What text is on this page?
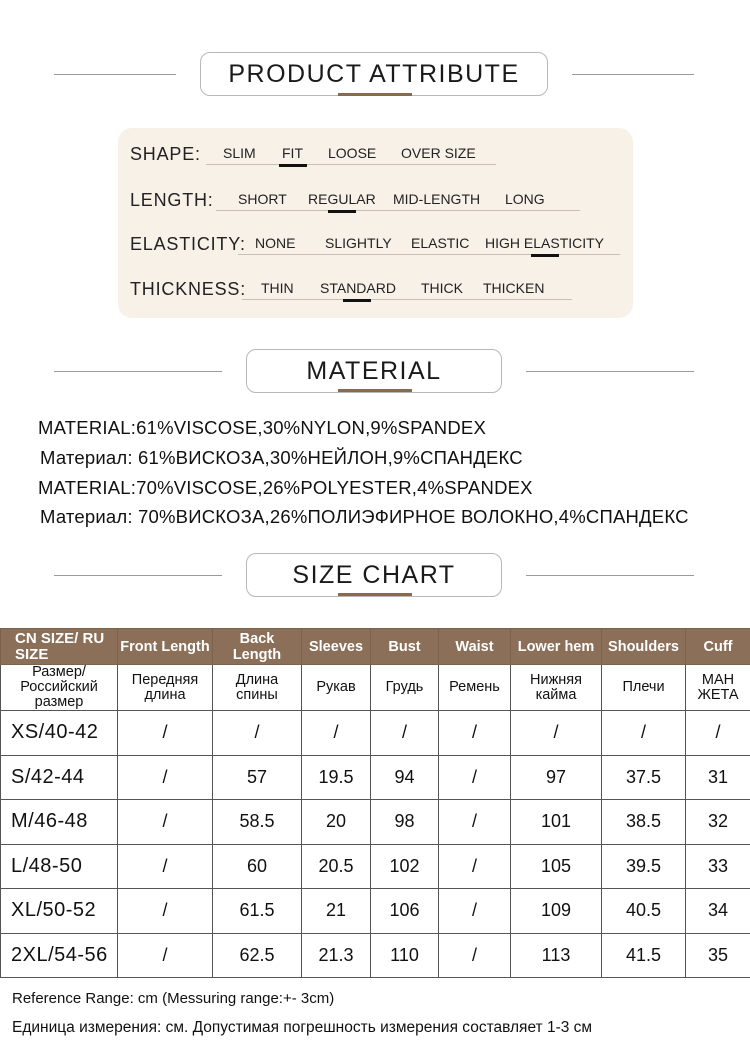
PRODUCT ATTRIBUTE
SHAPE: SLIM FIT LOOSE OVER SIZE
LENGTH: SHORT REGULAR MID-LENGTH LONG
ELASTICITY: NONE SLIGHTLY ELASTIC HIGH ELASTICITY
THICKNESS: THIN STANDARD THICK THICKEN
MATERIAL
MATERIAL:61%VISCOSE,30%NYLON,9%SPANDEX
Материал: 61%ВИСКОЗА,30%НЕЙЛОН,9%СПАНДЕКС
MATERIAL:70%VISCOSE,26%POLYESTER,4%SPANDEX
Материал: 70%ВИСКОЗА,26%ПОЛИЭФИРНОЕ ВОЛОКНО,4%СПАНДЕКС
SIZE CHART
CN SIZE/ RU SIZE	Front Length	Back Length	Sleeves	Bust	Waist	Lower hem	Shoulders	Cuff
Размер/ Российский размер	Передняя длина	Длина спины	Рукав	Грудь	Ремень	Нижняя кайма	Плечи	МАН ЖЕТА
XS/40-42	/	/	/	/	/	/	/	/
S/42-44	/	57	19.5	94	/	97	37.5	31
M/46-48	/	58.5	20	98	/	101	38.5	32
L/48-50	/	60	20.5	102	/	105	39.5	33
XL/50-52	/	61.5	21	106	/	109	40.5	34
2XL/54-56	/	62.5	21.3	110	/	113	41.5	35
Reference Range: cm (Messuring range:+- 3cm)
Единица измерения: см. Допустимая погрешность измерения составляет 1-3 см
